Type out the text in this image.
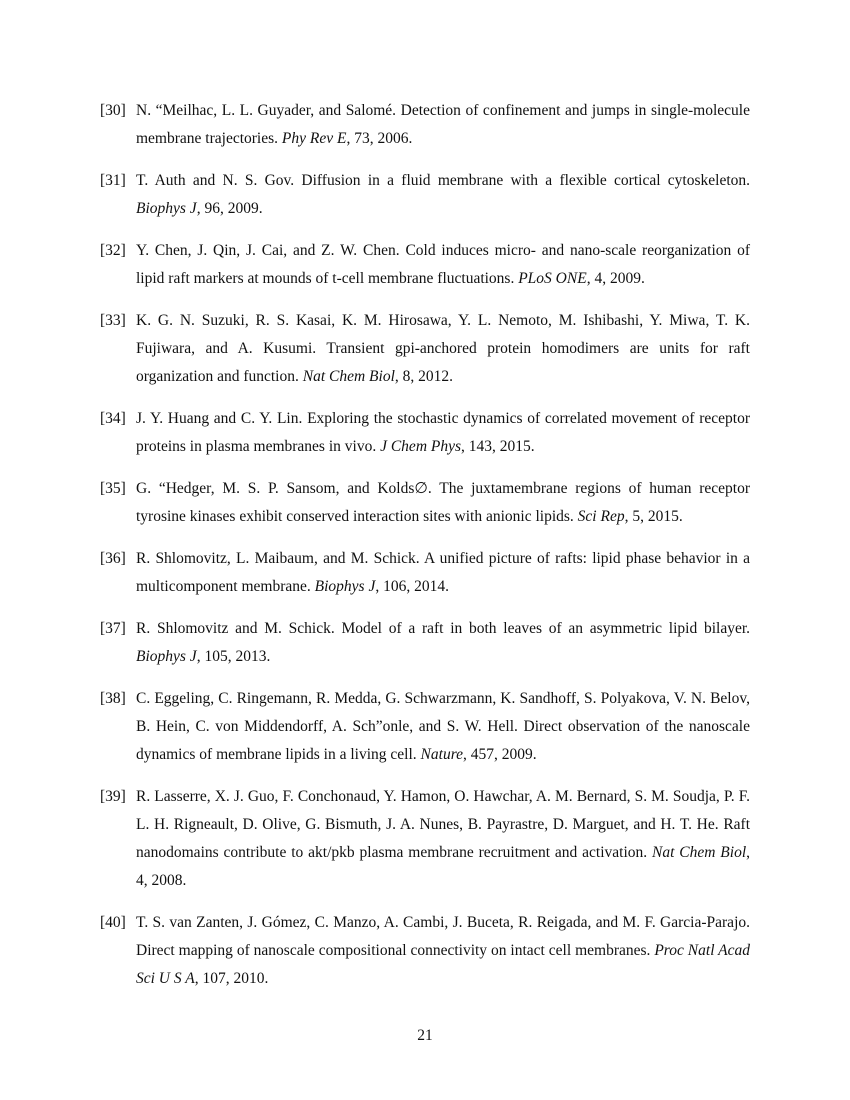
[30] N. “Meilhac, L. L. Guyader, and Salomé. Detection of confinement and jumps in single-molecule membrane trajectories. Phy Rev E, 73, 2006.
[31] T. Auth and N. S. Gov. Diffusion in a fluid membrane with a flexible cortical cytoskeleton. Biophys J, 96, 2009.
[32] Y. Chen, J. Qin, J. Cai, and Z. W. Chen. Cold induces micro- and nano-scale reorganization of lipid raft markers at mounds of t-cell membrane fluctuations. PLoS ONE, 4, 2009.
[33] K. G. N. Suzuki, R. S. Kasai, K. M. Hirosawa, Y. L. Nemoto, M. Ishibashi, Y. Miwa, T. K. Fujiwara, and A. Kusumi. Transient gpi-anchored protein homodimers are units for raft organization and function. Nat Chem Biol, 8, 2012.
[34] J. Y. Huang and C. Y. Lin. Exploring the stochastic dynamics of correlated movement of receptor proteins in plasma membranes in vivo. J Chem Phys, 143, 2015.
[35] G. “Hedger, M. S. P. Sansom, and Kolds∅. The juxtamembrane regions of human receptor tyrosine kinases exhibit conserved interaction sites with anionic lipids. Sci Rep, 5, 2015.
[36] R. Shlomovitz, L. Maibaum, and M. Schick. A unified picture of rafts: lipid phase behavior in a multicomponent membrane. Biophys J, 106, 2014.
[37] R. Shlomovitz and M. Schick. Model of a raft in both leaves of an asymmetric lipid bilayer. Biophys J, 105, 2013.
[38] C. Eggeling, C. Ringemann, R. Medda, G. Schwarzmann, K. Sandhoff, S. Polyakova, V. N. Belov, B. Hein, C. von Middendorff, A. Sch”onle, and S. W. Hell. Direct observation of the nanoscale dynamics of membrane lipids in a living cell. Nature, 457, 2009.
[39] R. Lasserre, X. J. Guo, F. Conchonaud, Y. Hamon, O. Hawchar, A. M. Bernard, S. M. Soudja, P. F. L. H. Rigneault, D. Olive, G. Bismuth, J. A. Nunes, B. Payrastre, D. Marguet, and H. T. He. Raft nanodomains contribute to akt/pkb plasma membrane recruitment and activation. Nat Chem Biol, 4, 2008.
[40] T. S. van Zanten, J. Gómez, C. Manzo, A. Cambi, J. Buceta, R. Reigada, and M. F. Garcia-Parajo. Direct mapping of nanoscale compositional connectivity on intact cell membranes. Proc Natl Acad Sci U S A, 107, 2010.
21
